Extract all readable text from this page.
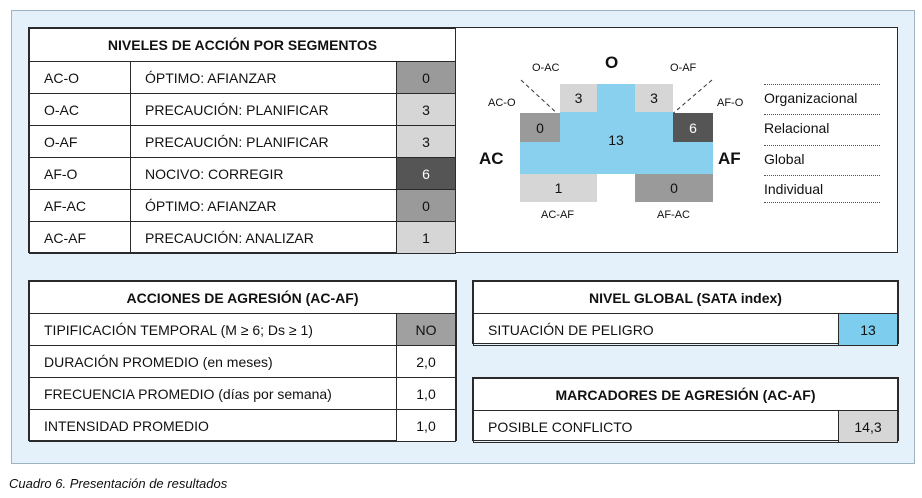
NIVELES DE ACCIÓN POR SEGMENTOS		
AC-O	ÓPTIMO: AFIANZAR	0
O-AC	PRECAUCIÓN: PLANIFICAR	3
O-AF	PRECAUCIÓN: PLANIFICAR	3
AF-O	NOCIVO: CORREGIR	6
AF-AC	ÓPTIMO: AFIANZAR	0
AC-AF	PRECAUCIÓN: ANALIZAR	1
3	3
0	6
13
1	0
O
AC	AF
O-AC	O-AF
AC-O	AF-O
AC-AF	AF-AC
Organizacional
Relacional
Global
Individual
ACCIONES DE AGRESIÓN (AC-AF)	
TIPIFICACIÓN TEMPORAL (M ≥ 6; Ds ≥ 1)	NO
DURACIÓN PROMEDIO (en meses)	2,0
FRECUENCIA PROMEDIO (días por semana)	1,0
INTENSIDAD PROMEDIO	1,0
NIVEL GLOBAL (SATA index)
SITUACIÓN DE PELIGRO	13
MARCADORES DE AGRESIÓN (AC-AF)
POSIBLE CONFLICTO	14,3
Cuadro 6. Presentación de resultados
